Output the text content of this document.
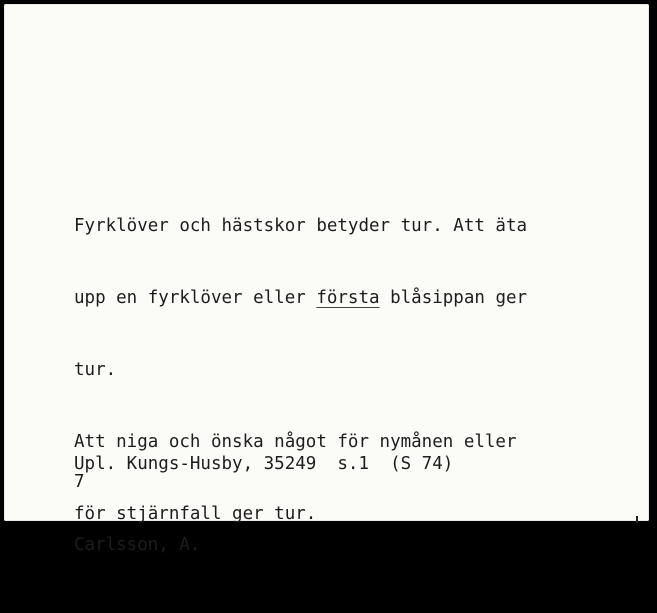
Fyrklöver och hästskor betyder tur. Att äta

upp en fyrklöver eller första blåsippan ger

tur.

Att niga och önska något för nymånen eller

för stjärnfall ger tur.

Upl. Kungs-Husby, 35249  s.1  (S 74)

Carlsson, A.

7
